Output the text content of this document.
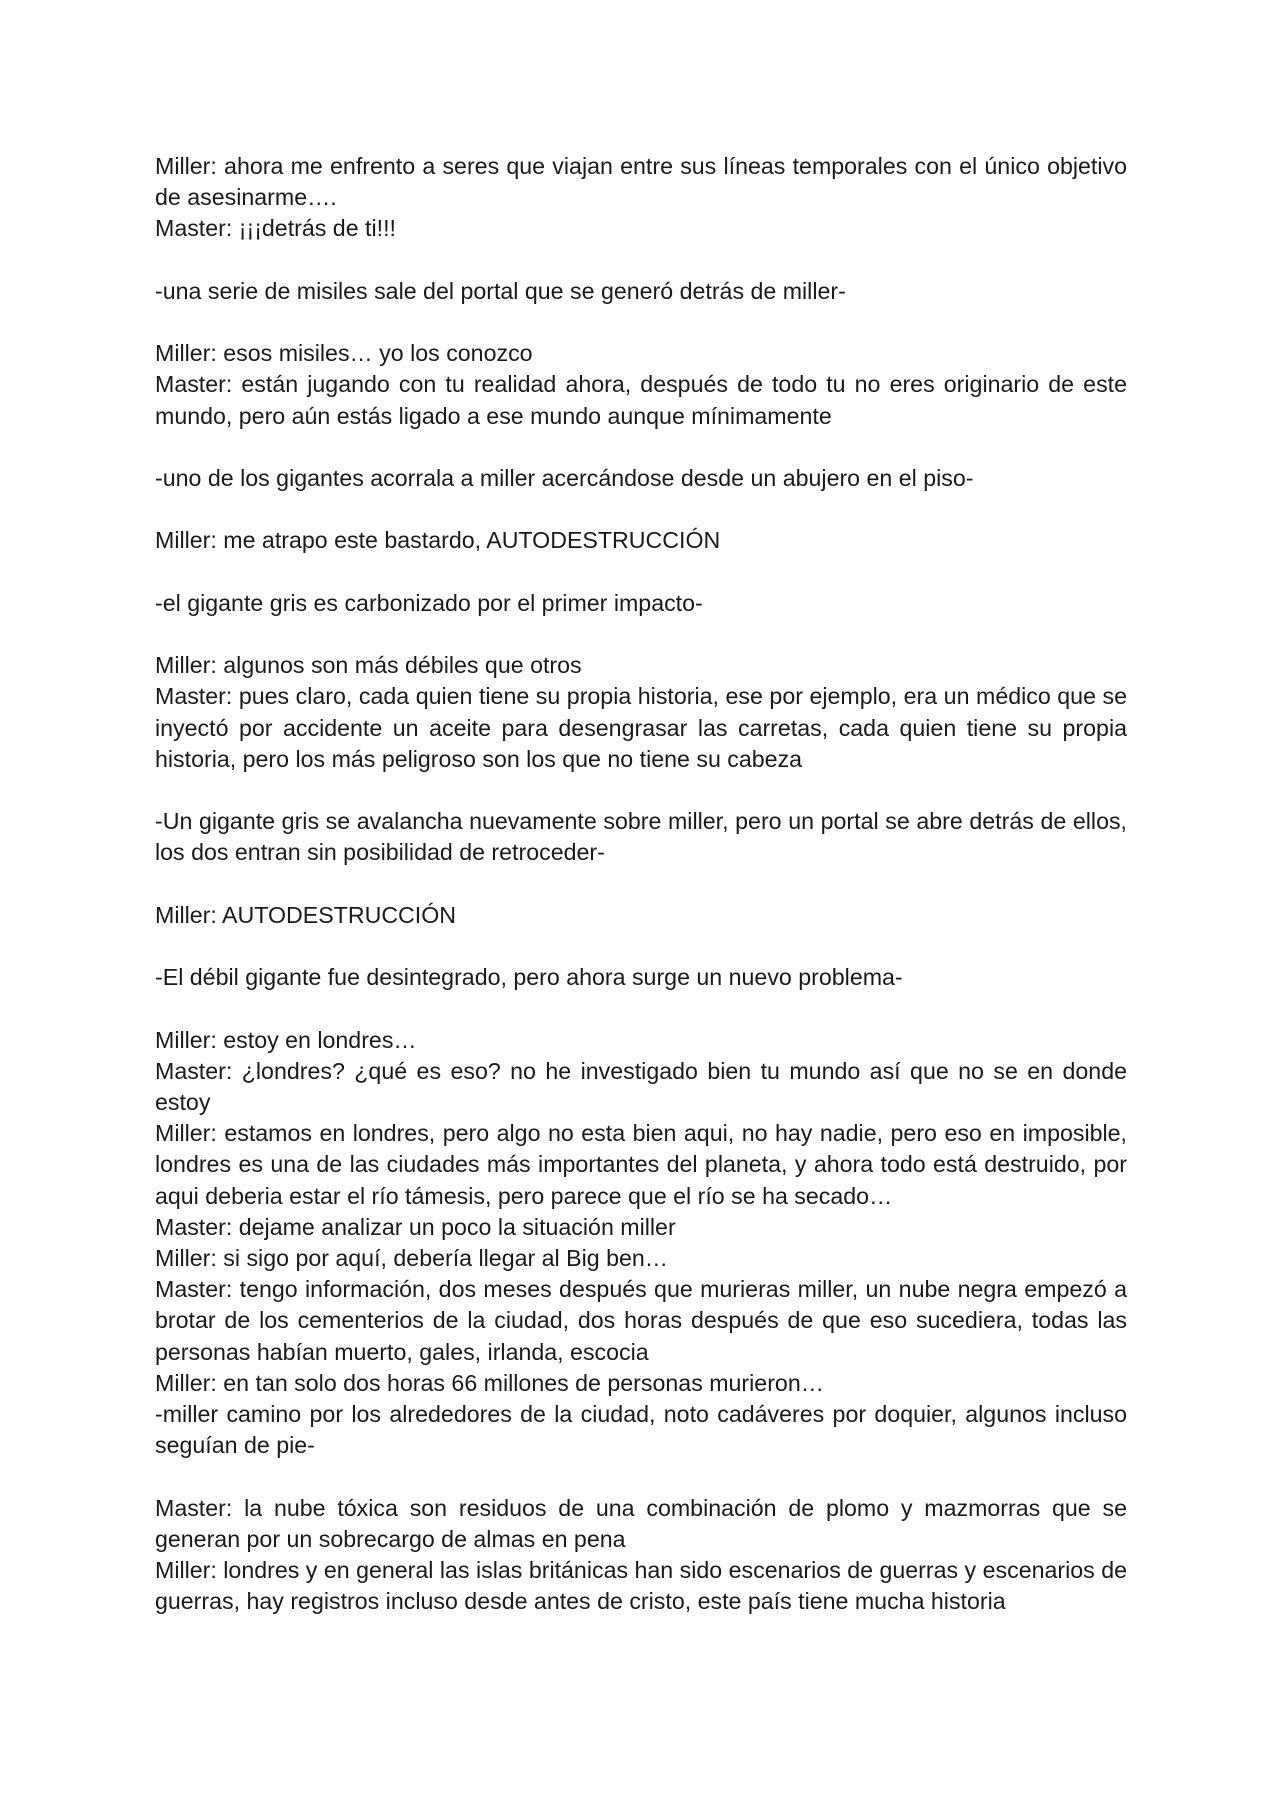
Miller: ahora me enfrento a seres que viajan entre sus líneas temporales con el único objetivo de asesinarme….

Master: ¡¡¡detrás de ti!!!

-una serie de misiles sale del portal que se generó detrás de miller-

Miller: esos misiles… yo los conozco

Master: están jugando con tu realidad ahora, después de todo tu no eres originario de este mundo, pero aún estás ligado a ese mundo aunque mínimamente

-uno de los gigantes acorrala a miller acercándose desde un abujero en el piso-

Miller: me atrapo este bastardo, AUTODESTRUCCIÓN

-el gigante gris es carbonizado por el primer impacto-

Miller: algunos son más débiles que otros

Master: pues claro, cada quien tiene su propia historia, ese por ejemplo, era un médico que se inyectó por accidente un aceite para desengrasar las carretas, cada quien tiene su propia historia, pero los más peligroso son los que no tiene su cabeza

-Un gigante gris se avalancha nuevamente sobre miller, pero un portal se abre detrás de ellos, los dos entran sin posibilidad de retroceder-

Miller: AUTODESTRUCCIÓN

-El débil gigante fue desintegrado, pero ahora surge un nuevo problema-

Miller: estoy en londres…

Master: ¿londres? ¿qué es eso? no he investigado bien tu mundo así que no se en donde estoy

Miller: estamos en londres, pero algo no esta bien aqui, no hay nadie, pero eso en imposible, londres es una de las ciudades más importantes del planeta, y ahora todo está destruido, por aqui deberia estar el río támesis, pero parece que el río se ha secado…

Master: dejame analizar un poco la situación miller

Miller: si sigo por aquí, debería llegar al Big ben…

Master: tengo información, dos meses después que murieras miller, un nube negra empezó a brotar de los cementerios de la ciudad, dos horas después de que eso sucediera, todas las personas habían muerto, gales, irlanda, escocia

Miller: en tan solo dos horas 66 millones de personas murieron…

-miller camino por los alrededores de la ciudad, noto cadáveres por doquier, algunos incluso seguían de pie-

Master: la nube tóxica son residuos de una combinación de plomo y mazmorras que se generan por un sobrecargo de almas en pena

Miller: londres y en general las islas británicas han sido escenarios de guerras y escenarios de guerras, hay registros incluso desde antes de cristo, este país tiene mucha historia
